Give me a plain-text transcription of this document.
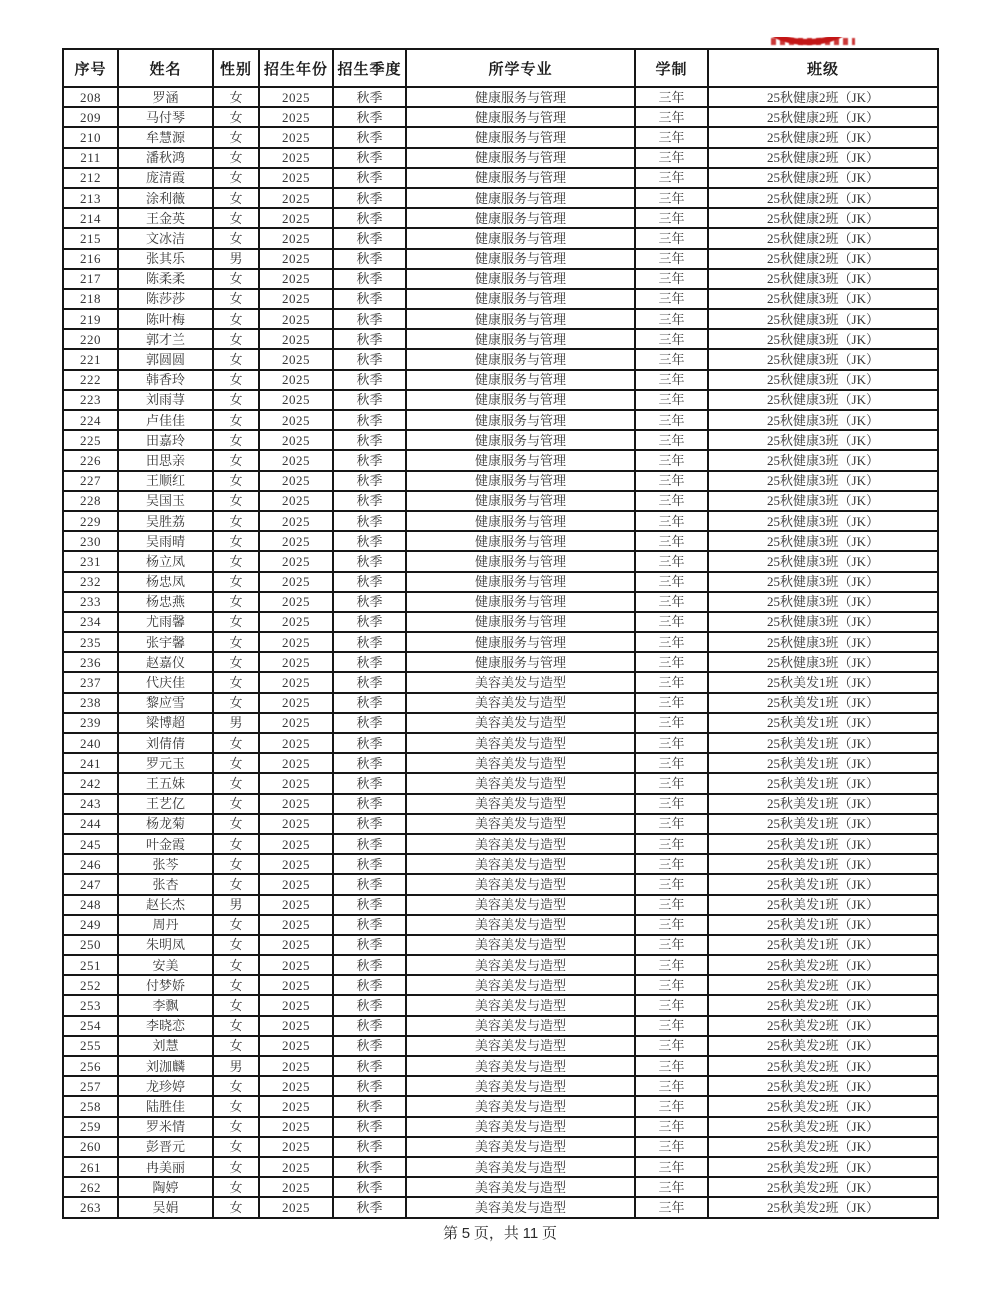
序号	姓名	性别	招生年份	招生季度	所学专业	学制	班级
208	罗涵	女	2025	秋季	健康服务与管理	三年	25秋健康2班（JK）
209	马付琴	女	2025	秋季	健康服务与管理	三年	25秋健康2班（JK）
210	牟慧源	女	2025	秋季	健康服务与管理	三年	25秋健康2班（JK）
211	潘秋鸿	女	2025	秋季	健康服务与管理	三年	25秋健康2班（JK）
212	庞清霞	女	2025	秋季	健康服务与管理	三年	25秋健康2班（JK）
213	涂利薇	女	2025	秋季	健康服务与管理	三年	25秋健康2班（JK）
214	王金英	女	2025	秋季	健康服务与管理	三年	25秋健康2班（JK）
215	文冰洁	女	2025	秋季	健康服务与管理	三年	25秋健康2班（JK）
216	张其乐	男	2025	秋季	健康服务与管理	三年	25秋健康2班（JK）
217	陈柔柔	女	2025	秋季	健康服务与管理	三年	25秋健康3班（JK）
218	陈莎莎	女	2025	秋季	健康服务与管理	三年	25秋健康3班（JK）
219	陈叶梅	女	2025	秋季	健康服务与管理	三年	25秋健康3班（JK）
220	郭才兰	女	2025	秋季	健康服务与管理	三年	25秋健康3班（JK）
221	郭圆圆	女	2025	秋季	健康服务与管理	三年	25秋健康3班（JK）
222	韩香玲	女	2025	秋季	健康服务与管理	三年	25秋健康3班（JK）
223	刘雨荨	女	2025	秋季	健康服务与管理	三年	25秋健康3班（JK）
224	卢佳佳	女	2025	秋季	健康服务与管理	三年	25秋健康3班（JK）
225	田嘉玲	女	2025	秋季	健康服务与管理	三年	25秋健康3班（JK）
226	田思亲	女	2025	秋季	健康服务与管理	三年	25秋健康3班（JK）
227	王顺红	女	2025	秋季	健康服务与管理	三年	25秋健康3班（JK）
228	吴国玉	女	2025	秋季	健康服务与管理	三年	25秋健康3班（JK）
229	吴胜荔	女	2025	秋季	健康服务与管理	三年	25秋健康3班（JK）
230	吴雨晴	女	2025	秋季	健康服务与管理	三年	25秋健康3班（JK）
231	杨立凤	女	2025	秋季	健康服务与管理	三年	25秋健康3班（JK）
232	杨忠凤	女	2025	秋季	健康服务与管理	三年	25秋健康3班（JK）
233	杨忠燕	女	2025	秋季	健康服务与管理	三年	25秋健康3班（JK）
234	尤雨馨	女	2025	秋季	健康服务与管理	三年	25秋健康3班（JK）
235	张宇馨	女	2025	秋季	健康服务与管理	三年	25秋健康3班（JK）
236	赵嘉仪	女	2025	秋季	健康服务与管理	三年	25秋健康3班（JK）
237	代庆佳	女	2025	秋季	美容美发与造型	三年	25秋美发1班（JK）
238	黎应雪	女	2025	秋季	美容美发与造型	三年	25秋美发1班（JK）
239	梁博超	男	2025	秋季	美容美发与造型	三年	25秋美发1班（JK）
240	刘倩倩	女	2025	秋季	美容美发与造型	三年	25秋美发1班（JK）
241	罗元玉	女	2025	秋季	美容美发与造型	三年	25秋美发1班（JK）
242	王五妹	女	2025	秋季	美容美发与造型	三年	25秋美发1班（JK）
243	王艺亿	女	2025	秋季	美容美发与造型	三年	25秋美发1班（JK）
244	杨龙菊	女	2025	秋季	美容美发与造型	三年	25秋美发1班（JK）
245	叶金霞	女	2025	秋季	美容美发与造型	三年	25秋美发1班（JK）
246	张芩	女	2025	秋季	美容美发与造型	三年	25秋美发1班（JK）
247	张杏	女	2025	秋季	美容美发与造型	三年	25秋美发1班（JK）
248	赵长杰	男	2025	秋季	美容美发与造型	三年	25秋美发1班（JK）
249	周丹	女	2025	秋季	美容美发与造型	三年	25秋美发1班（JK）
250	朱明凤	女	2025	秋季	美容美发与造型	三年	25秋美发1班（JK）
251	安美	女	2025	秋季	美容美发与造型	三年	25秋美发2班（JK）
252	付梦娇	女	2025	秋季	美容美发与造型	三年	25秋美发2班（JK）
253	李飘	女	2025	秋季	美容美发与造型	三年	25秋美发2班（JK）
254	李晓恋	女	2025	秋季	美容美发与造型	三年	25秋美发2班（JK）
255	刘慧	女	2025	秋季	美容美发与造型	三年	25秋美发2班（JK）
256	刘泇麟	男	2025	秋季	美容美发与造型	三年	25秋美发2班（JK）
257	龙珍婷	女	2025	秋季	美容美发与造型	三年	25秋美发2班（JK）
258	陆胜佳	女	2025	秋季	美容美发与造型	三年	25秋美发2班（JK）
259	罗米情	女	2025	秋季	美容美发与造型	三年	25秋美发2班（JK）
260	彭晋元	女	2025	秋季	美容美发与造型	三年	25秋美发2班（JK）
261	冉美丽	女	2025	秋季	美容美发与造型	三年	25秋美发2班（JK）
262	陶婷	女	2025	秋季	美容美发与造型	三年	25秋美发2班（JK）
263	吴娟	女	2025	秋季	美容美发与造型	三年	25秋美发2班（JK）
第 5 页，共 11 页
